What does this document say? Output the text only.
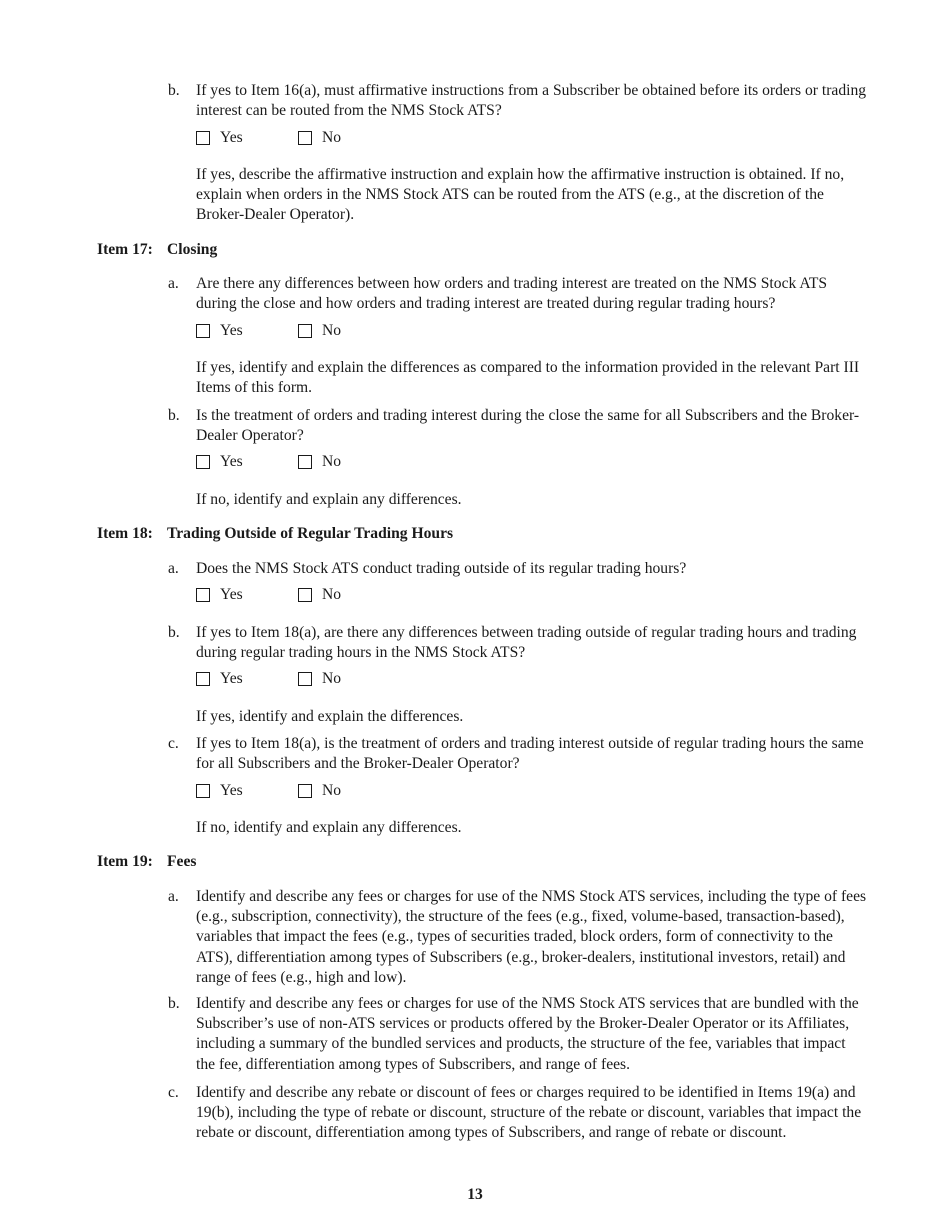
b. If yes to Item 16(a), must affirmative instructions from a Subscriber be obtained before its orders or trading interest can be routed from the NMS Stock ATS?

Yes	No

If yes, describe the affirmative instruction and explain how the affirmative instruction is obtained. If no, explain when orders in the NMS Stock ATS can be routed from the ATS (e.g., at the discretion of the Broker-Dealer Operator).

Item 17: Closing
a. Are there any differences between how orders and trading interest are treated on the NMS Stock ATS during the close and how orders and trading interest are treated during regular trading hours?

Yes	No

If yes, identify and explain the differences as compared to the information provided in the relevant Part III Items of this form.

b. Is the treatment of orders and trading interest during the close the same for all Subscribers and the Broker-Dealer Operator?

Yes	No

If no, identify and explain any differences.

Item 18: Trading Outside of Regular Trading Hours
a. Does the NMS Stock ATS conduct trading outside of its regular trading hours?

Yes	No
b. If yes to Item 18(a), are there any differences between trading outside of regular trading hours and trading during regular trading hours in the NMS Stock ATS?

Yes	No

If yes, identify and explain the differences.

c. If yes to Item 18(a), is the treatment of orders and trading interest outside of regular trading hours the same for all Subscribers and the Broker-Dealer Operator?

Yes	No

If no, identify and explain any differences.

Item 19: Fees
a. Identify and describe any fees or charges for use of the NMS Stock ATS services, including the type of fees (e.g., subscription, connectivity), the structure of the fees (e.g., fixed, volume-based, transaction-based), variables that impact the fees (e.g., types of securities traded, block orders, form of connectivity to the ATS), differentiation among types of Subscribers (e.g., broker-dealers, institutional investors, retail) and range of fees (e.g., high and low).

b. Identify and describe any fees or charges for use of the NMS Stock ATS services that are bundled with the Subscriber’s use of non-ATS services or products offered by the Broker-Dealer Operator or its Affiliates, including a summary of the bundled services and products, the structure of the fee, variables that impact the fee, differentiation among types of Subscribers, and range of fees.

c. Identify and describe any rebate or discount of fees or charges required to be identified in Items 19(a) and 19(b), including the type of rebate or discount, structure of the rebate or discount, variables that impact the rebate or discount, differentiation among types of Subscribers, and range of rebate or discount.

13
